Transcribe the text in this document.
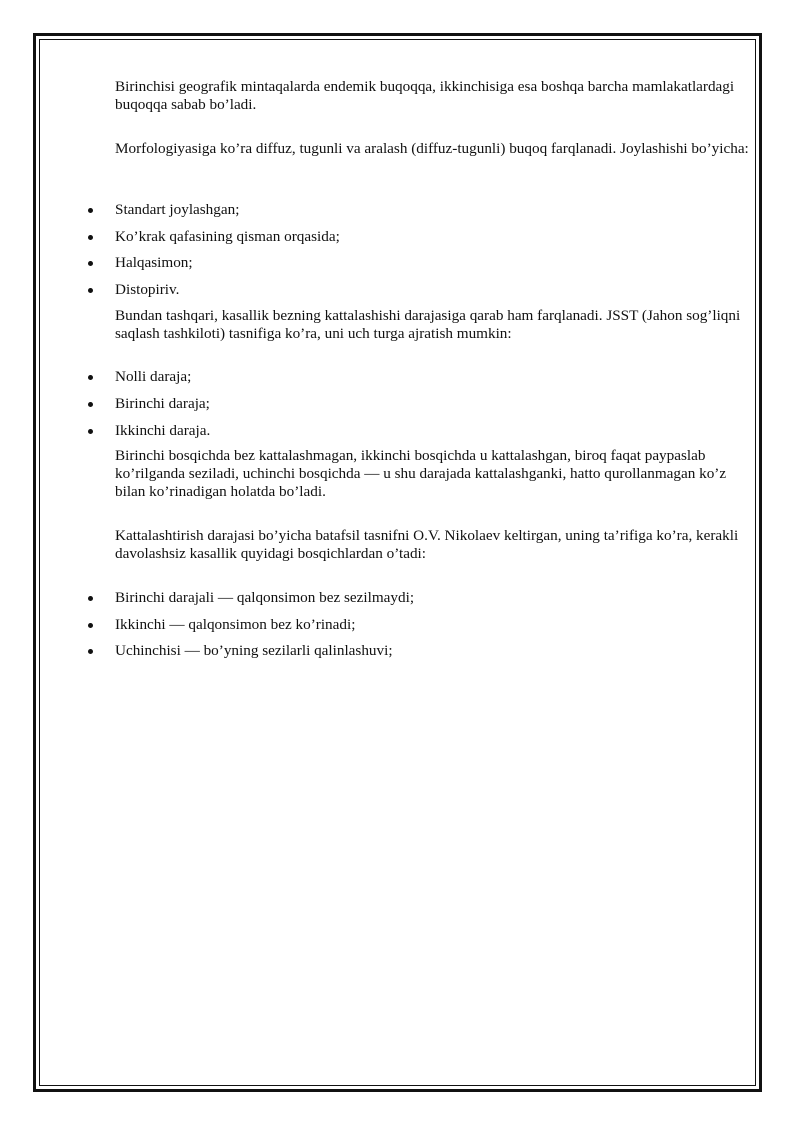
Birinchisi geografik mintaqalarda endemik buqoqqa, ikkinchisiga esa boshqa barcha mamlakatlardagi buqoqqa sabab bo’ladi.

Morfologiyasiga ko’ra diffuz, tugunli va aralash (diffuz-tugunli) buqoq farqlanadi. Joylashishi bo’yicha:

Standart joylashgan;
Ko’krak qafasining qisman orqasida;
Halqasimon;
Distopiriv.

Bundan tashqari, kasallik bezning kattalashishi darajasiga qarab ham farqlanadi. JSST (Jahon sog’liqni saqlash tashkiloti) tasnifiga ko’ra, uni uch turga ajratish mumkin:

Nolli daraja;
Birinchi daraja;
Ikkinchi daraja.

Birinchi bosqichda bez kattalashmagan, ikkinchi bosqichda u kattalashgan, biroq faqat paypaslab ko’rilganda seziladi, uchinchi bosqichda — u shu darajada kattalashganki, hatto qurollanmagan ko’z bilan ko’rinadigan holatda bo’ladi.

Kattalashtirish darajasi bo’yicha batafsil tasnifni O.V. Nikolaev keltirgan, uning ta’rifiga ko’ra, kerakli davolashsiz kasallik quyidagi bosqichlardan o’tadi:

Birinchi darajali — qalqonsimon bez sezilmaydi;
Ikkinchi — qalqonsimon bez ko’rinadi;
Uchinchisi — bo’yning sezilarli qalinlashuvi;
